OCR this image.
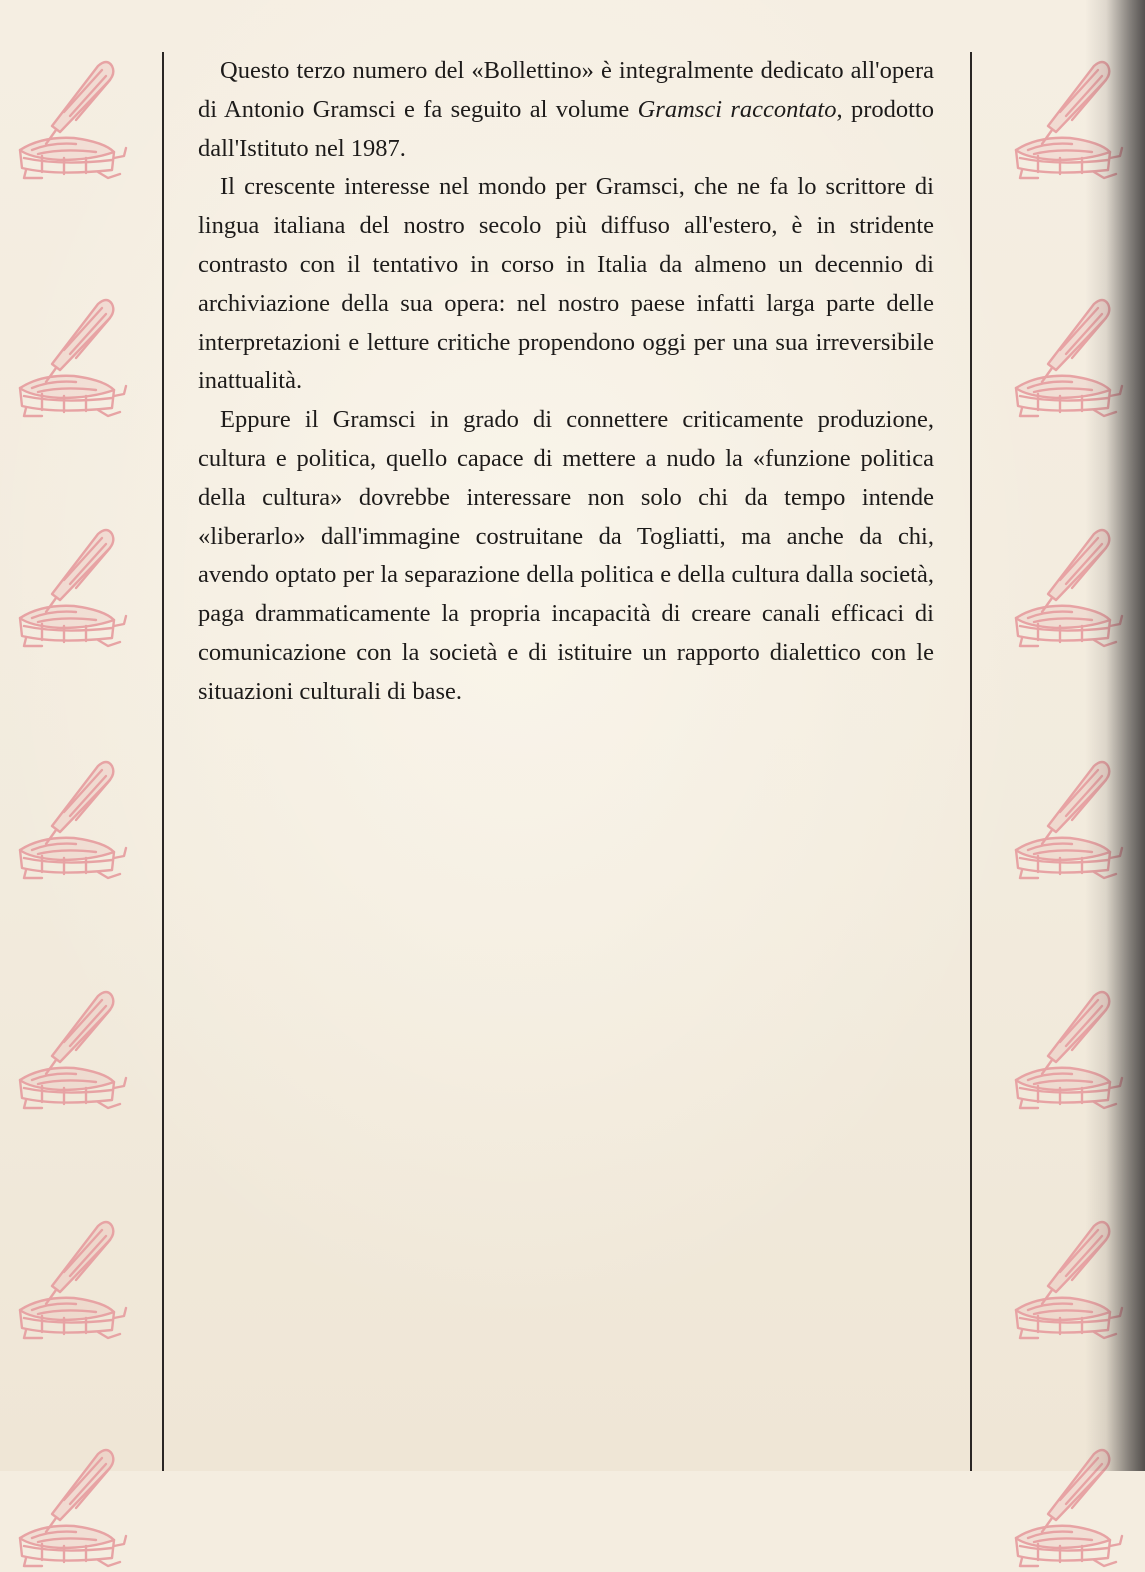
Questo terzo numero del «Bollettino» è integralmente dedicato all'opera di Antonio Gramsci e fa seguito al volume Gramsci raccontato, prodotto dall'Istituto nel 1987.

Il crescente interesse nel mondo per Gramsci, che ne fa lo scrittore di lingua italiana del nostro secolo più diffuso all'estero, è in stridente contrasto con il tentativo in corso in Italia da almeno un decennio di archiviazione della sua opera: nel nostro paese infatti larga parte delle interpretazioni e letture critiche propendono oggi per una sua irreversibile inattualità.

Eppure il Gramsci in grado di connettere criticamente produzione, cultura e politica, quello capace di mettere a nudo la «funzione politica della cultura» dovrebbe interessare non solo chi da tempo intende «liberarlo» dall'immagine costruitane da Togliatti, ma anche da chi, avendo optato per la separazione della politica e della cultura dalla società, paga drammaticamente la propria incapacità di creare canali efficaci di comunicazione con la società e di istituire un rapporto dialettico con le situazioni culturali di base.
